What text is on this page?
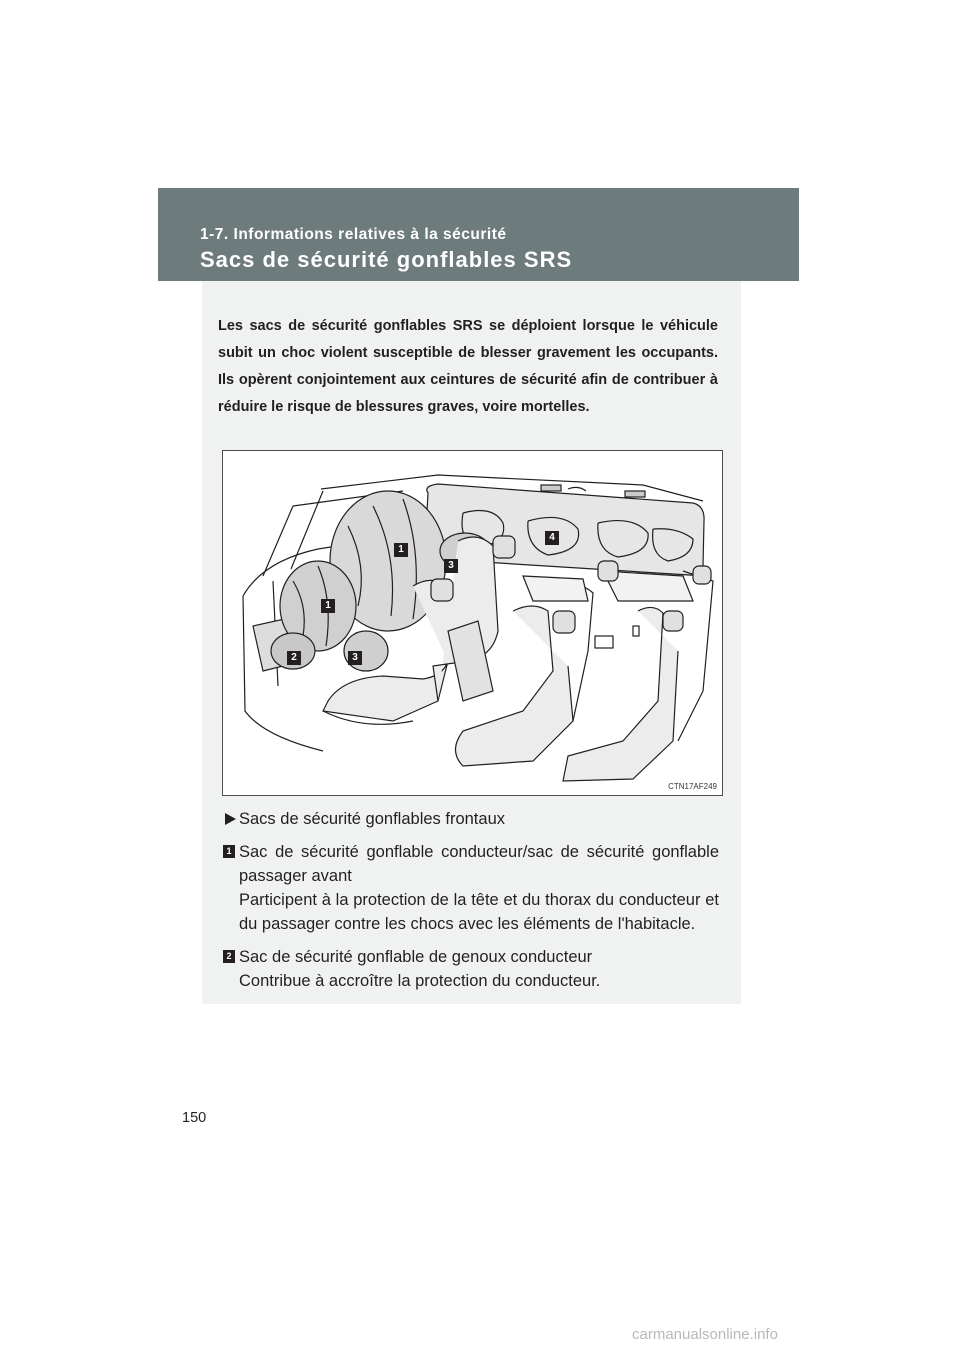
1-7. Informations relatives à la sécurité
Sacs de sécurité gonflables SRS

Les sacs de sécurité gonflables SRS se déploient lorsque le véhicule subit un choc violent susceptible de blesser gravement les occupants. Ils opèrent conjointement aux ceintures de sécurité afin de contribuer à réduire le risque de blessures graves, voire mortelles.

1
3
4
1
2	3
CTN17AF249
Sacs de sécurité gonflables frontaux
1 Sac de sécurité gonflable conducteur/sac de sécurité gonflable passager avant
Participent à la protection de la tête et du thorax du conducteur et du passager contre les chocs avec les éléments de l'habitacle.
2 Sac de sécurité gonflable de genoux conducteur
Contribue à accroître la protection du conducteur.
150
carmanualsonline.info
